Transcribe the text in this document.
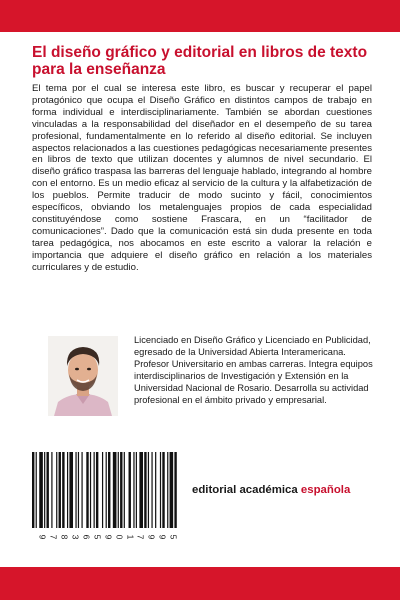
El diseño gráfico y editorial en libros de texto para la enseñanza

El tema por el cual se interesa este libro, es buscar y recuperar el papel protagónico que ocupa el Diseño Gráfico en distintos campos de trabajo en forma individual e interdisciplinariamente. También se abordan cuestiones vinculadas a la responsabilidad del diseñador en el desempeño de su tarea profesional, fundamentalmente en lo referido al diseño editorial. Se incluyen aspectos relacionados a las cuestiones pedagógicas necesariamente presentes en libros de texto que utilizan docentes y alumnos de nivel secundario. El diseño gráfico traspasa las barreras del lenguaje hablado, integrando al hombre con el entorno. Es un medio eficaz al servicio de la cultura y la alfabetización de los pueblos. Permite traducir de modo sucinto y fácil, conocimientos específicos, obviando los metalenguajes propios de cada especialidad constituyéndose como sostiene Frascara, en un “facilitador de comunicaciones”. Dado que la comunicación está sin duda presente en toda tarea pedagógica, nos abocamos en este escrito a valorar la relación e importancia que adquiere el diseño gráfico en relación a los materiales curriculares y de estudio.

Licenciado en Diseño Gráfico y Licenciado en Publicidad, egresado de la Universidad Abierta Interamericana. Profesor Universitario en ambas carreras. Integra equipos interdisciplinarios de Investigación y Extensión en la Universidad Nacional de Rosario. Desarrolla su actividad profesional en el ámbito privado y empresarial.

9 7 8 3 6 5 9 0 1 7 9 9 5
editorial académica española
